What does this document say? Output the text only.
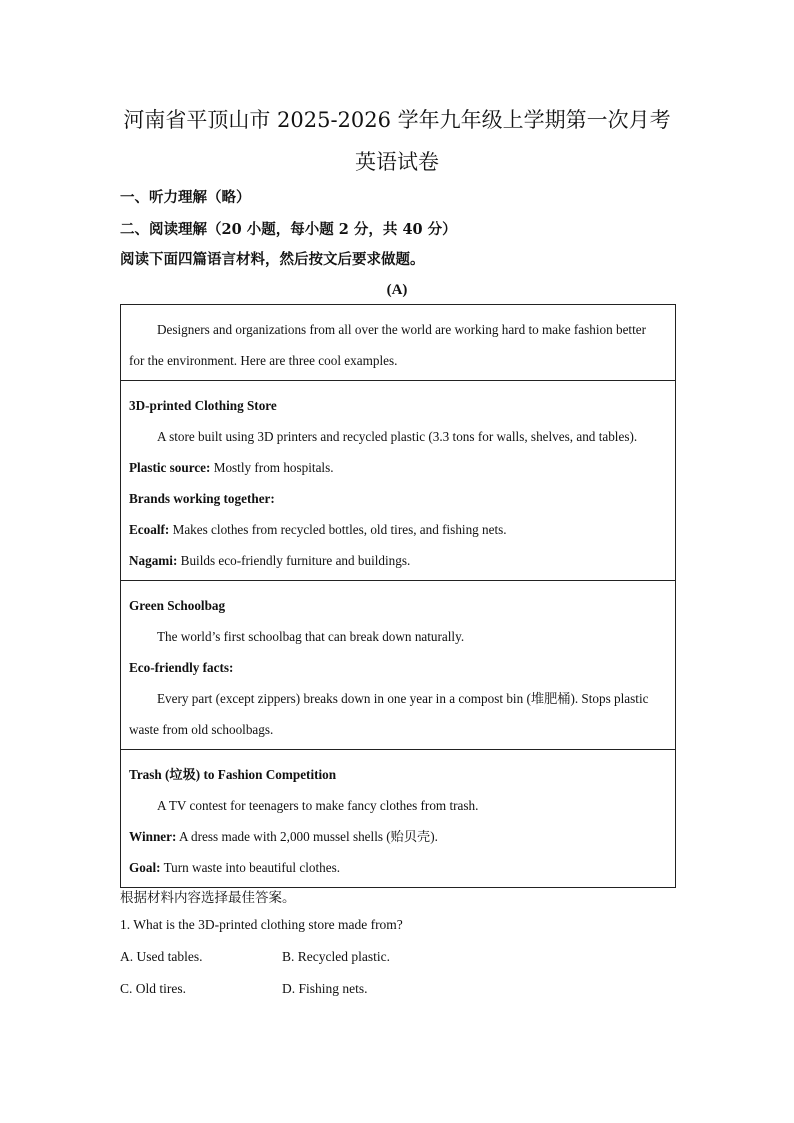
河南省平顶山市 2025-2026 学年九年级上学期第一次月考
英语试卷
一、听力理解（略）
二、阅读理解（20 小题，每小题 2 分，共 40 分）
阅读下面四篇语言材料，然后按文后要求做题。
(A)
Designers and organizations from all over the world are working hard to make fashion better
for the environment. Here are three cool examples.
3D-printed Clothing Store
A store built using 3D printers and recycled plastic (3.3 tons for walls, shelves, and tables).
Plastic source: Mostly from hospitals.
Brands working together:
Ecoalf: Makes clothes from recycled bottles, old tires, and fishing nets.
Nagami: Builds eco-friendly furniture and buildings.
Green Schoolbag
The world’s first schoolbag that can break down naturally.
Eco-friendly facts:
Every part (except zippers) breaks down in one year in a compost bin (堆肥桶). Stops plastic
waste from old schoolbags.
Trash (垃圾) to Fashion Competition
A TV contest for teenagers to make fancy clothes from trash.
Winner: A dress made with 2,000 mussel shells (贻贝壳).
Goal: Turn waste into beautiful clothes.
根据材料内容选择最佳答案。
1. What is the 3D-printed clothing store made from?
A. Used tables.	B. Recycled plastic.
C. Old tires.	D. Fishing nets.
